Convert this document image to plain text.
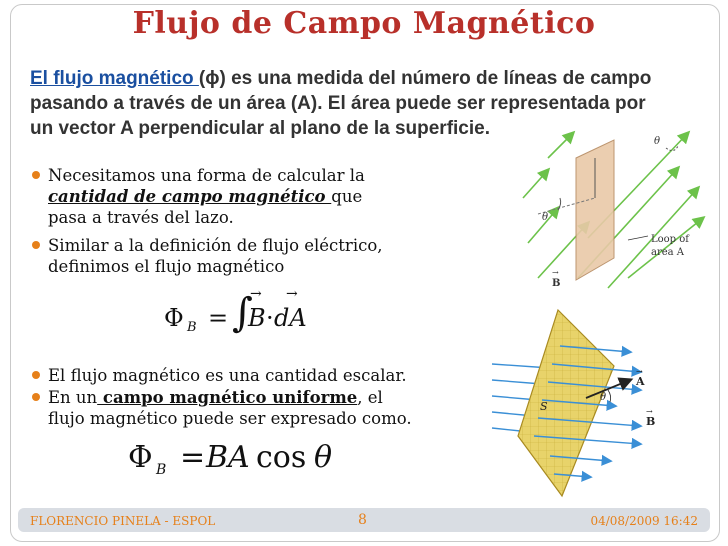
Flujo de Campo Magnético
El flujo magnético (ϕ) es una medida del número de líneas de campo
pasando a través de un área (A). El área puede ser representada por
un vector A perpendicular al plano de la superficie.
Necesitamos una forma de calcular la
cantidad de campo magnético que
pasa a través del lazo.
Similar a la definición de flujo eléctrico,
definimos el flujo magnético
Φ B = ∫
→
B ·
→
dA
El flujo magnético es una cantidad escalar.
En un campo magnético uniforme, el
flujo magnético puede ser expresado como.
Φ B = BA cos θ
θ
θ
Loop of
area A
→
B
θ
S
→
A
→
B
FLORENCIO PINELA - ESPOL	8	04/08/2009 16:42
